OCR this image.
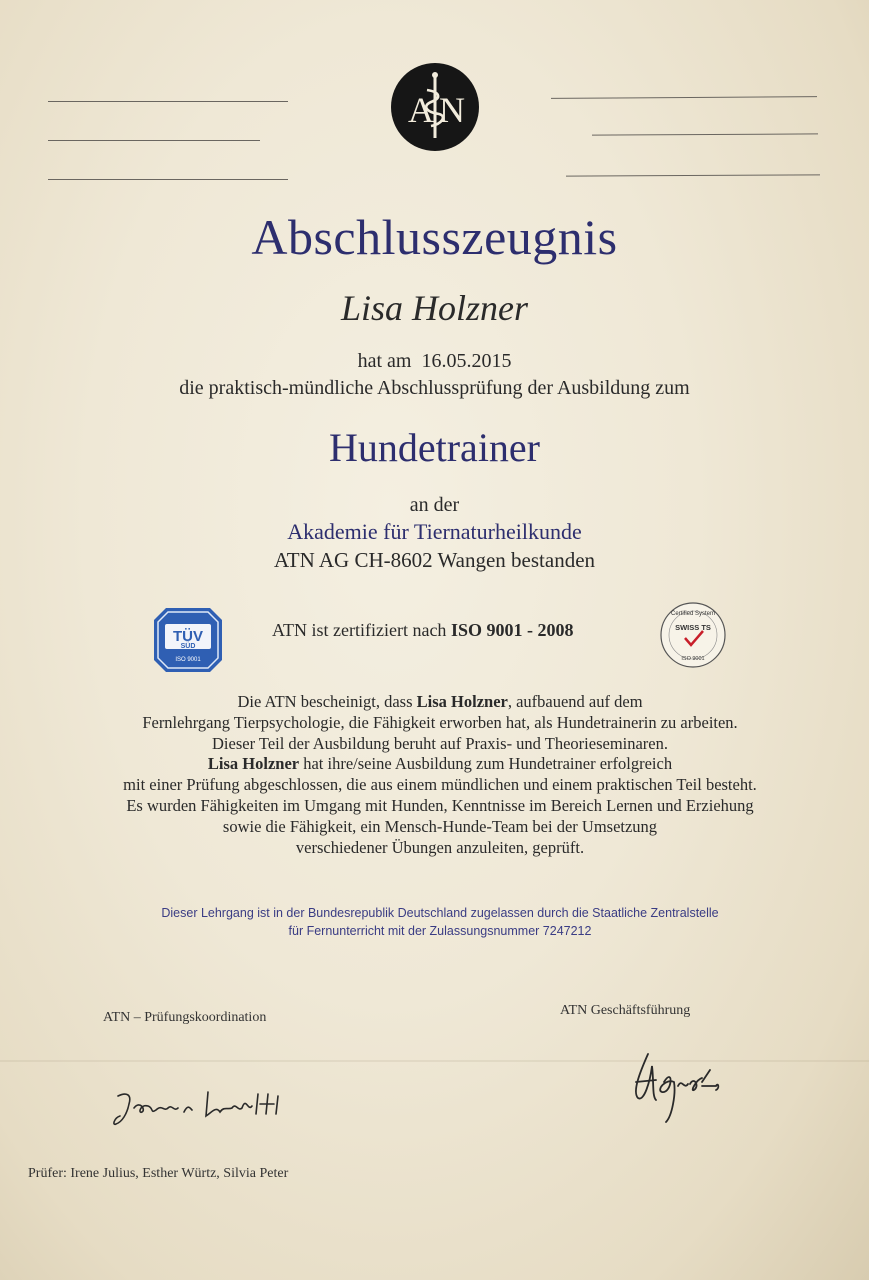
A N
Abschlusszeugnis
Lisa Holzner
hat am 16.05.2015
die praktisch-mündliche Abschlussprüfung der Ausbildung zum
Hundetrainer
an der
Akademie für Tiernaturheilkunde
ATN AG CH-8602 Wangen bestanden
TÜV
SÜD
ISO 9001
ATN ist zertifiziert nach ISO 9001 - 2008
Certified System
SWISS TS
ISO 9001
Die ATN bescheinigt, dass Lisa Holzner, aufbauend auf dem
Fernlehrgang Tierpsychologie, die Fähigkeit erworben hat, als Hundetrainerin zu arbeiten.
Dieser Teil der Ausbildung beruht auf Praxis- und Theorieseminaren.
Lisa Holzner hat ihre/seine Ausbildung zum Hundetrainer erfolgreich
mit einer Prüfung abgeschlossen, die aus einem mündlichen und einem praktischen Teil besteht.
Es wurden Fähigkeiten im Umgang mit Hunden, Kenntnisse im Bereich Lernen und Erziehung
sowie die Fähigkeit, ein Mensch-Hunde-Team bei der Umsetzung
verschiedener Übungen anzuleiten, geprüft.
Dieser Lehrgang ist in der Bundesrepublik Deutschland zugelassen durch die Staatliche Zentralstelle
für Fernunterricht mit der Zulassungsnummer 7247212
ATN – Prüfungskoordination	ATN Geschäftsführung
Prüfer: Irene Julius, Esther Würtz, Silvia Peter
